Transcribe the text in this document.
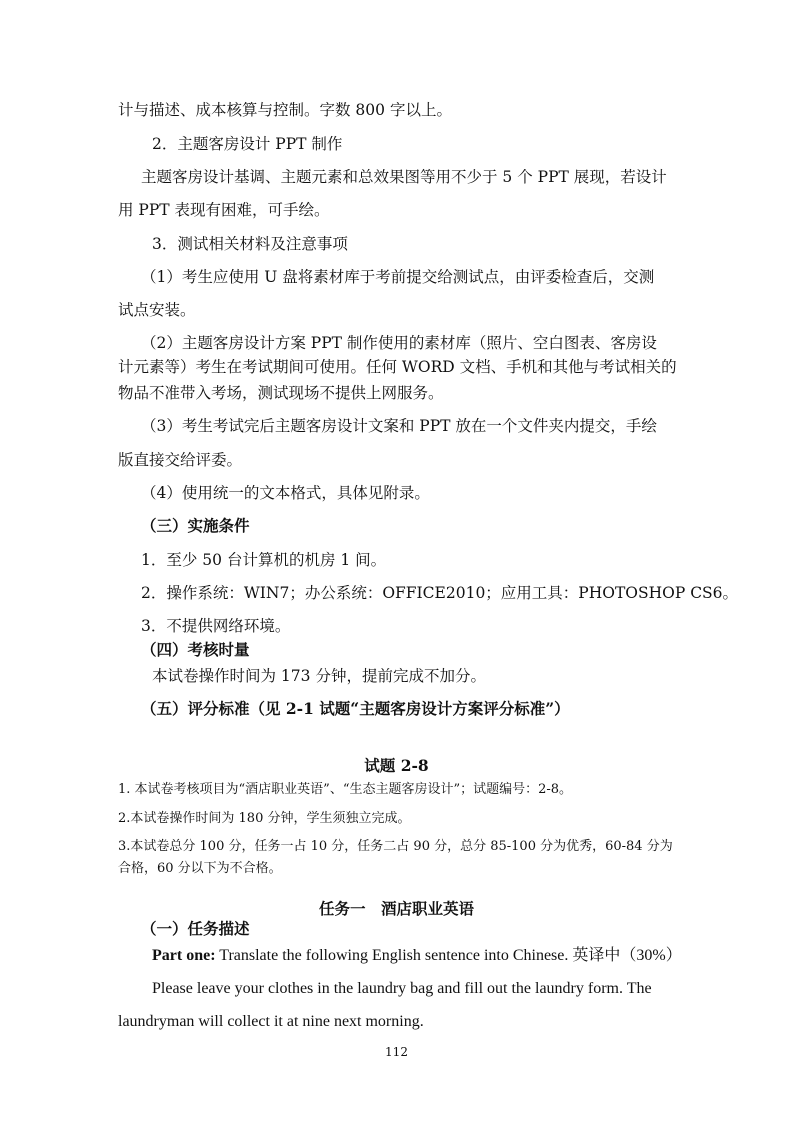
计与描述、成本核算与控制。字数 800 字以上。
2．主题客房设计 PPT 制作
主题客房设计基调、主题元素和总效果图等用不少于 5 个 PPT 展现，若设计
用 PPT 表现有困难，可手绘。
3．测试相关材料及注意事项
（1）考生应使用 U 盘将素材库于考前提交给测试点，由评委检查后，交测
试点安装。
（2）主题客房设计方案 PPT 制作使用的素材库（照片、空白图表、客房设
计元素等）考生在考试期间可使用。任何 WORD 文档、手机和其他与考试相关的
物品不准带入考场，测试现场不提供上网服务。
（3）考生考试完后主题客房设计文案和 PPT 放在一个文件夹内提交，手绘
版直接交给评委。
（4）使用统一的文本格式，具体见附录。
（三）实施条件
1．至少 50 台计算机的机房 1 间。
2．操作系统：WIN7；办公系统：OFFICE2010；应用工具：PHOTOSHOP CS6。
3．不提供网络环境。
（四）考核时量
本试卷操作时间为 173 分钟，提前完成不加分。
（五）评分标准（见 2-1 试题“主题客房设计方案评分标准”）
试题 2-8
1. 本试卷考核项目为“酒店职业英语”、“生态主题客房设计”；试题编号：2-8。
2.本试卷操作时间为 180 分钟，学生须独立完成。
3.本试卷总分 100 分，任务一占 10 分，任务二占 90 分，总分 85-100 分为优秀，60-84 分为
合格，60 分以下为不合格。
任务一　酒店职业英语
（一）任务描述
Part one: Translate the following English sentence into Chinese. 英译中（30%）
Please leave your clothes in the laundry bag and fill out the laundry form. The
laundryman will collect it at nine next morning.
112
